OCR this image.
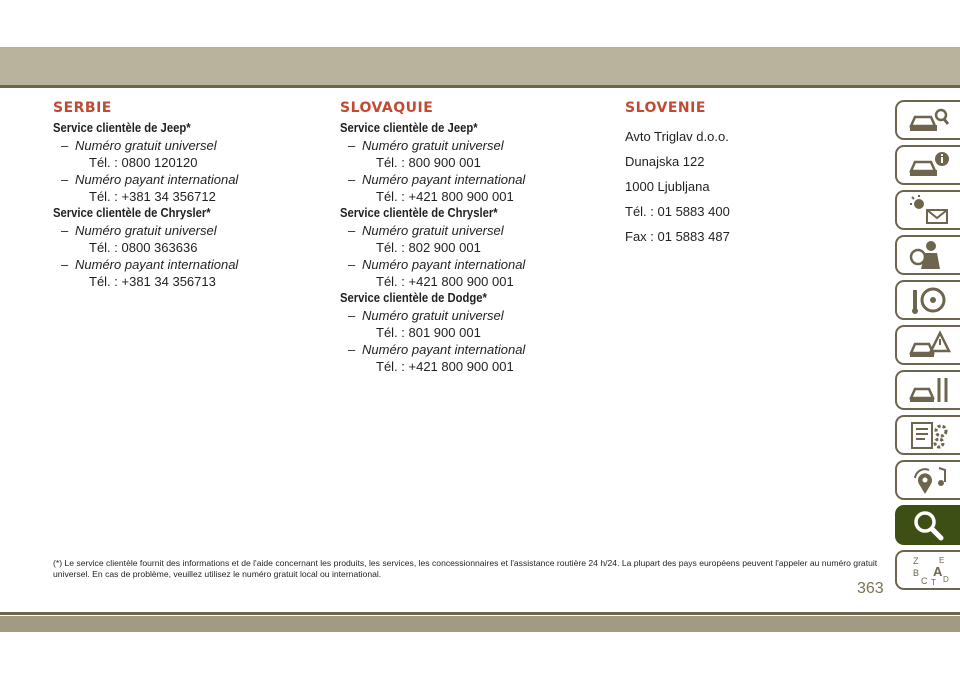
SERBIE
Service clientèle de Jeep*
– Numéro gratuit universel
Tél. : 0800 120120
– Numéro payant international
Tél. : +381 34 356712
Service clientèle de Chrysler*
– Numéro gratuit universel
Tél. : 0800 363636
– Numéro payant international
Tél. : +381 34 356713
SLOVAQUIE
Service clientèle de Jeep*
– Numéro gratuit universel
Tél. : 800 900 001
– Numéro payant international
Tél. : +421 800 900 001
Service clientèle de Chrysler*
– Numéro gratuit universel
Tél. : 802 900 001
– Numéro payant international
Tél. : +421 800 900 001
Service clientèle de Dodge*
– Numéro gratuit universel
Tél. : 801 900 001
– Numéro payant international
Tél. : +421 800 900 001
SLOVENIE

Avto Triglav d.o.o.

Dunajska 122

1000 Ljubljana

Tél. : 01 5883 400

Fax : 01 5883 487

Z	E
B A
C T D
(*) Le service clientèle fournit des informations et de l'aide concernant les produits, les services, les concessionnaires et l'assistance routière 24 h/24. La plupart des pays européens peuvent l'appeler au numéro gratuit universel. En cas de problème, veuillez utilisez le numéro gratuit local ou international.
363
